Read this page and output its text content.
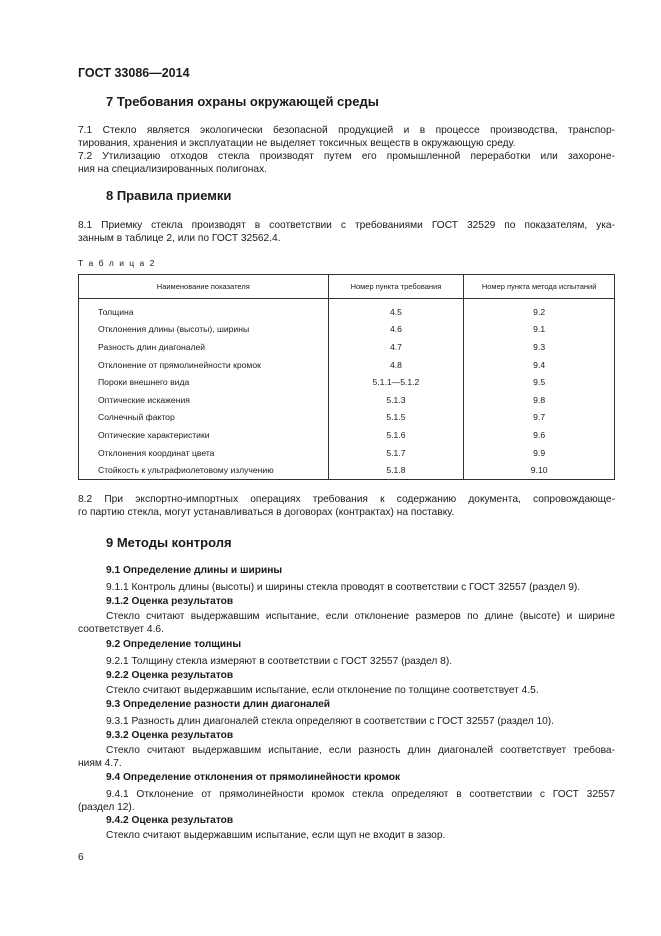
ГОСТ 33086—2014

7 Требования охраны окружающей среды

7.1 Стекло является экологически безопасной продукцией и в процессе производства, транспор-

тирования, хранения и эксплуатации не выделяет токсичных веществ в окружающую среду.

7.2 Утилизацию отходов стекла производят путем его промышленной переработки или захороне-

ния на специализированных полигонах.

8 Правила приемки

8.1 Приемку стекла производят в соответствии с требованиями ГОСТ 32529 по показателям, ука-

занным в таблице 2, или по ГОСТ 32562.4.

Т а б л и ц а 2

Наименование показателя	Номер пункта требования	Номер пункта метода испытаний
Толщина	4.5	9.2
Отклонения длины (высоты), ширины	4.6	9.1
Разность длин диагоналей	4.7	9.3
Отклонение от прямолинейности кромок	4.8	9.4
Пороки внешнего вида	5.1.1—5.1.2	9.5
Оптические искажения	5.1.3	9.8
Солнечный фактор	5.1.5	9.7
Оптические характеристики	5.1.6	9.6
Отклонения координат цвета	5.1.7	9.9
Стойкость к ультрафиолетовому излучению	5.1.8	9.10

8.2 При экспортно-импортных операциях требования к содержанию документа, сопровождающе-

го партию стекла, могут устанавливаться в договорах (контрактах) на поставку.

9 Методы контроля

9.1 Определение длины и ширины

9.1.1 Контроль длины (высоты) и ширины стекла проводят в соответствии с ГОСТ 32557 (раздел 9).

9.1.2 Оценка результатов

Стекло считают выдержавшим испытание, если отклонение размеров по длине (высоте) и ширине

соответствует 4.6.

9.2 Определение толщины

9.2.1 Толщину стекла измеряют в соответствии с ГОСТ 32557 (раздел 8).

9.2.2 Оценка результатов

Стекло считают выдержавшим испытание, если отклонение по толщине соответствует 4.5.

9.3 Определение разности длин диагоналей

9.3.1 Разность длин диагоналей стекла определяют в соответствии с ГОСТ 32557 (раздел 10).

9.3.2 Оценка результатов

Стекло считают выдержавшим испытание, если разность длин диагоналей соответствует требова-

ниям 4.7.

9.4 Определение отклонения от прямолинейности кромок

9.4.1 Отклонение от прямолинейности кромок стекла определяют в соответствии с ГОСТ 32557

(раздел 12).

9.4.2 Оценка результатов

Стекло считают выдержавшим испытание, если щуп не входит в зазор.

6
